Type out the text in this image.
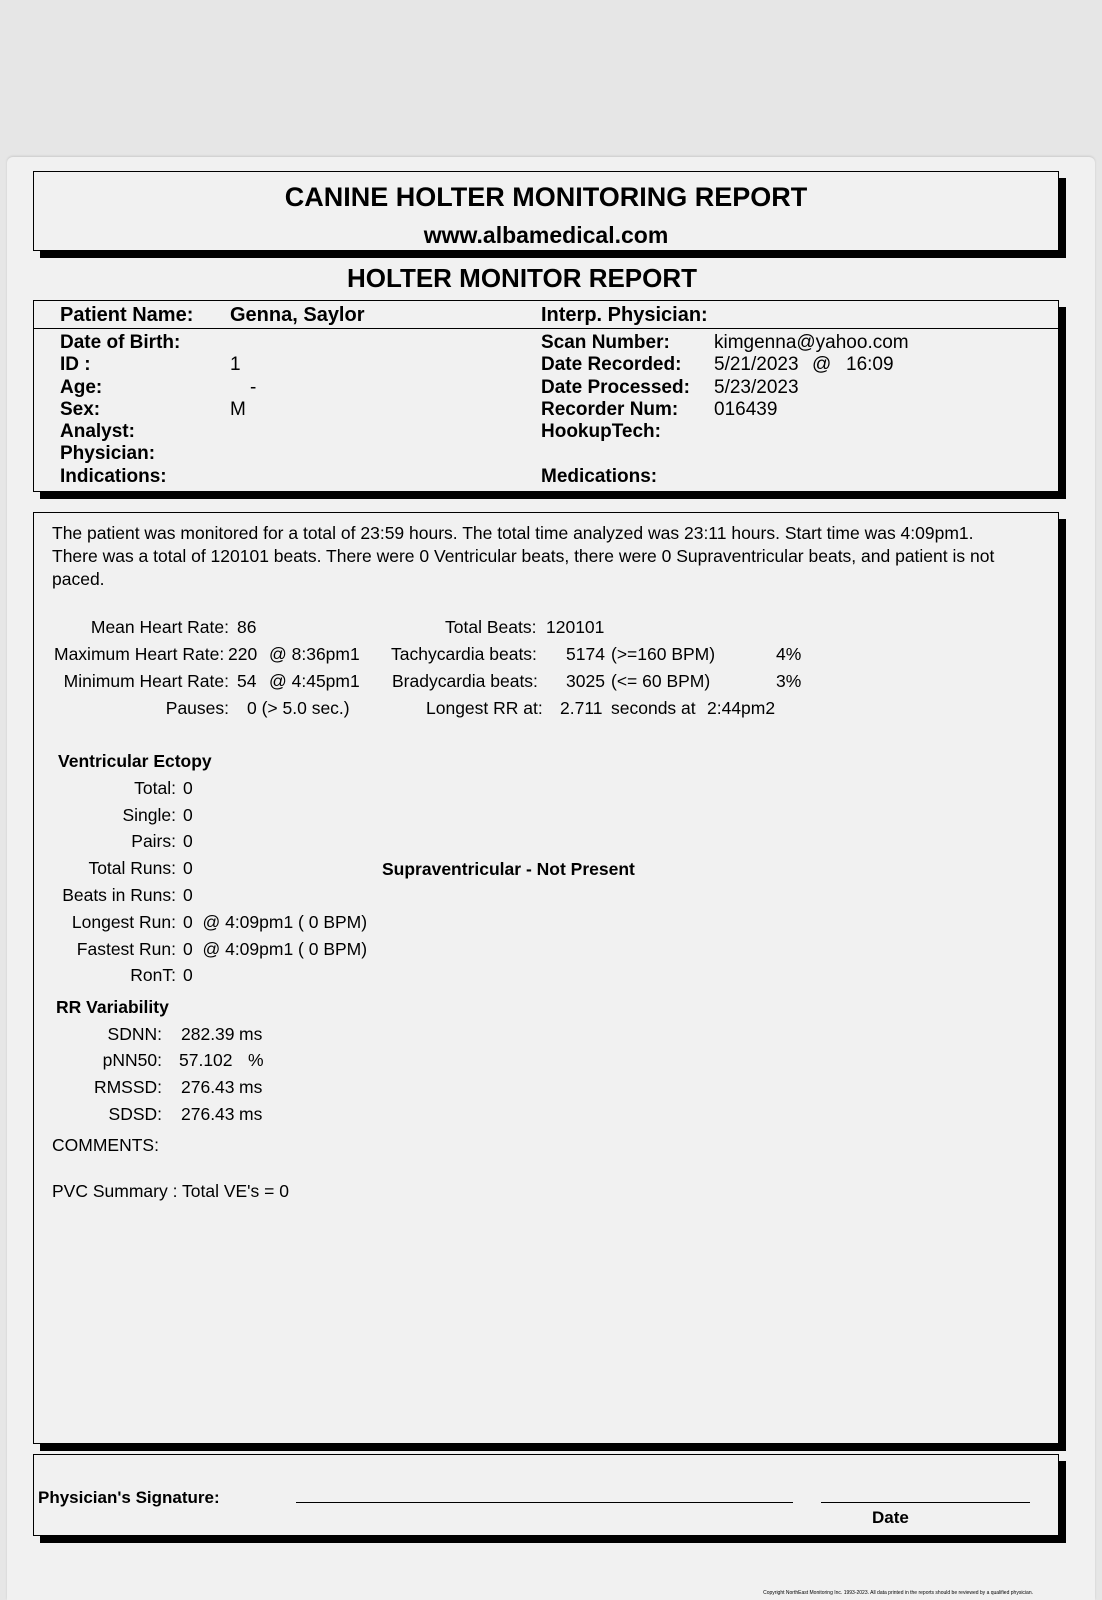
CANINE HOLTER MONITORING REPORT
www.albamedical.com
HOLTER MONITOR REPORT
Patient Name: Genna, Saylor	Interp. Physician:
Date of Birth:
ID :	1
Age:	-
Sex:	M
Analyst:
Physician:
Indications:
Scan Number: kimgenna@yahoo.com
Date Recorded: 5/21/2023 @ 16:09
Date Processed: 5/23/2023
Recorder Num: 016439
HookupTech:
Medications:
The patient was monitored for a total of 23:59 hours. The total time analyzed was 23:11 hours. Start time was 4:09pm1. There was a total of 120101 beats. There were 0 Ventricular beats, there were 0 Supraventricular beats, and patient is not paced.
Mean Heart Rate: 86
Maximum Heart Rate: 220 @ 8:36pm1
Minimum Heart Rate: 54 @ 4:45pm1
Pauses: 0 (> 5.0 sec.)
Total Beats: 120101
Tachycardia beats: 5174 (>=160 BPM)	4%
Bradycardia beats: 3025 (<= 60 BPM)	3%
Longest RR at: 2.711 seconds at 2:44pm2
Ventricular Ectopy
Total: 0
Single: 0
Pairs: 0
Total Runs: 0
Beats in Runs: 0
Longest Run: 0  @ 4:09pm1 ( 0 BPM)
Fastest Run: 0  @ 4:09pm1 ( 0 BPM)
RonT: 0
Supraventricular - Not Present
RR Variability
SDNN: 282.39 ms
pNN50: 57.102 %
RMSSD: 276.43 ms
SDSD: 276.43 ms
COMMENTS:
PVC Summary : Total VE's = 0
Physician's Signature:
Date
Copyright NorthEast Monitoring Inc. 1993-2023. All data printed in the reports should be reviewed by a qualified physician.
